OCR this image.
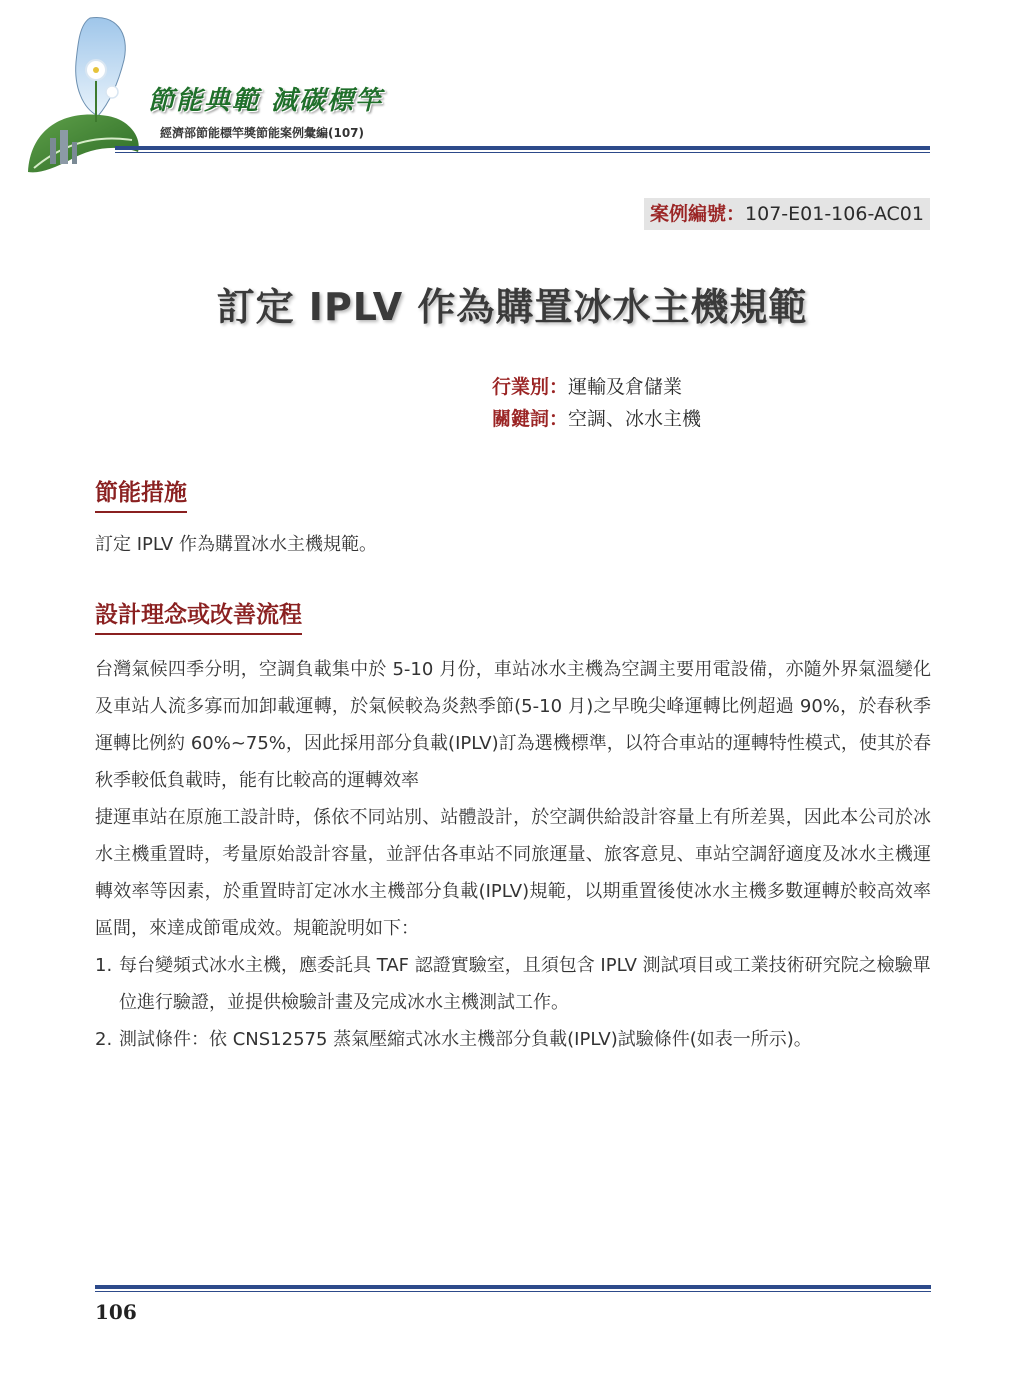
節能典範 減碳標竿
經濟部節能標竿獎節能案例彙編(107)
案例編號：107-E01-106-AC01
訂定 IPLV 作為購置冰水主機規範
行業別：運輸及倉儲業
關鍵詞：空調、冰水主機
節能措施
訂定 IPLV 作為購置冰水主機規範。
設計理念或改善流程

台灣氣候四季分明，空調負載集中於 5-10 月份，車站冰水主機為空調主要用電設備，亦隨外界氣溫變化及車站人流多寡而加卸載運轉，於氣候較為炎熱季節(5-10 月)之早晚尖峰運轉比例超過 90%，於春秋季運轉比例約 60%~75%，因此採用部分負載(IPLV)訂為選機標準，以符合車站的運轉特性模式，使其於春秋季較低負載時，能有比較高的運轉效率

捷運車站在原施工設計時，係依不同站別、站體設計，於空調供給設計容量上有所差異，因此本公司於冰水主機重置時，考量原始設計容量，並評估各車站不同旅運量、旅客意見、車站空調舒適度及冰水主機運轉效率等因素，於重置時訂定冰水主機部分負載(IPLV)規範，以期重置後使冰水主機多數運轉於較高效率區間，來達成節電成效。規範說明如下：

1. 每台變頻式冰水主機，應委託具 TAF 認證實驗室，且須包含 IPLV 測試項目或工業技術研究院之檢驗單位進行驗證，並提供檢驗計畫及完成冰水主機測試工作。
2. 測試條件：依 CNS12575 蒸氣壓縮式冰水主機部分負載(IPLV)試驗條件(如表一所示)。
106
